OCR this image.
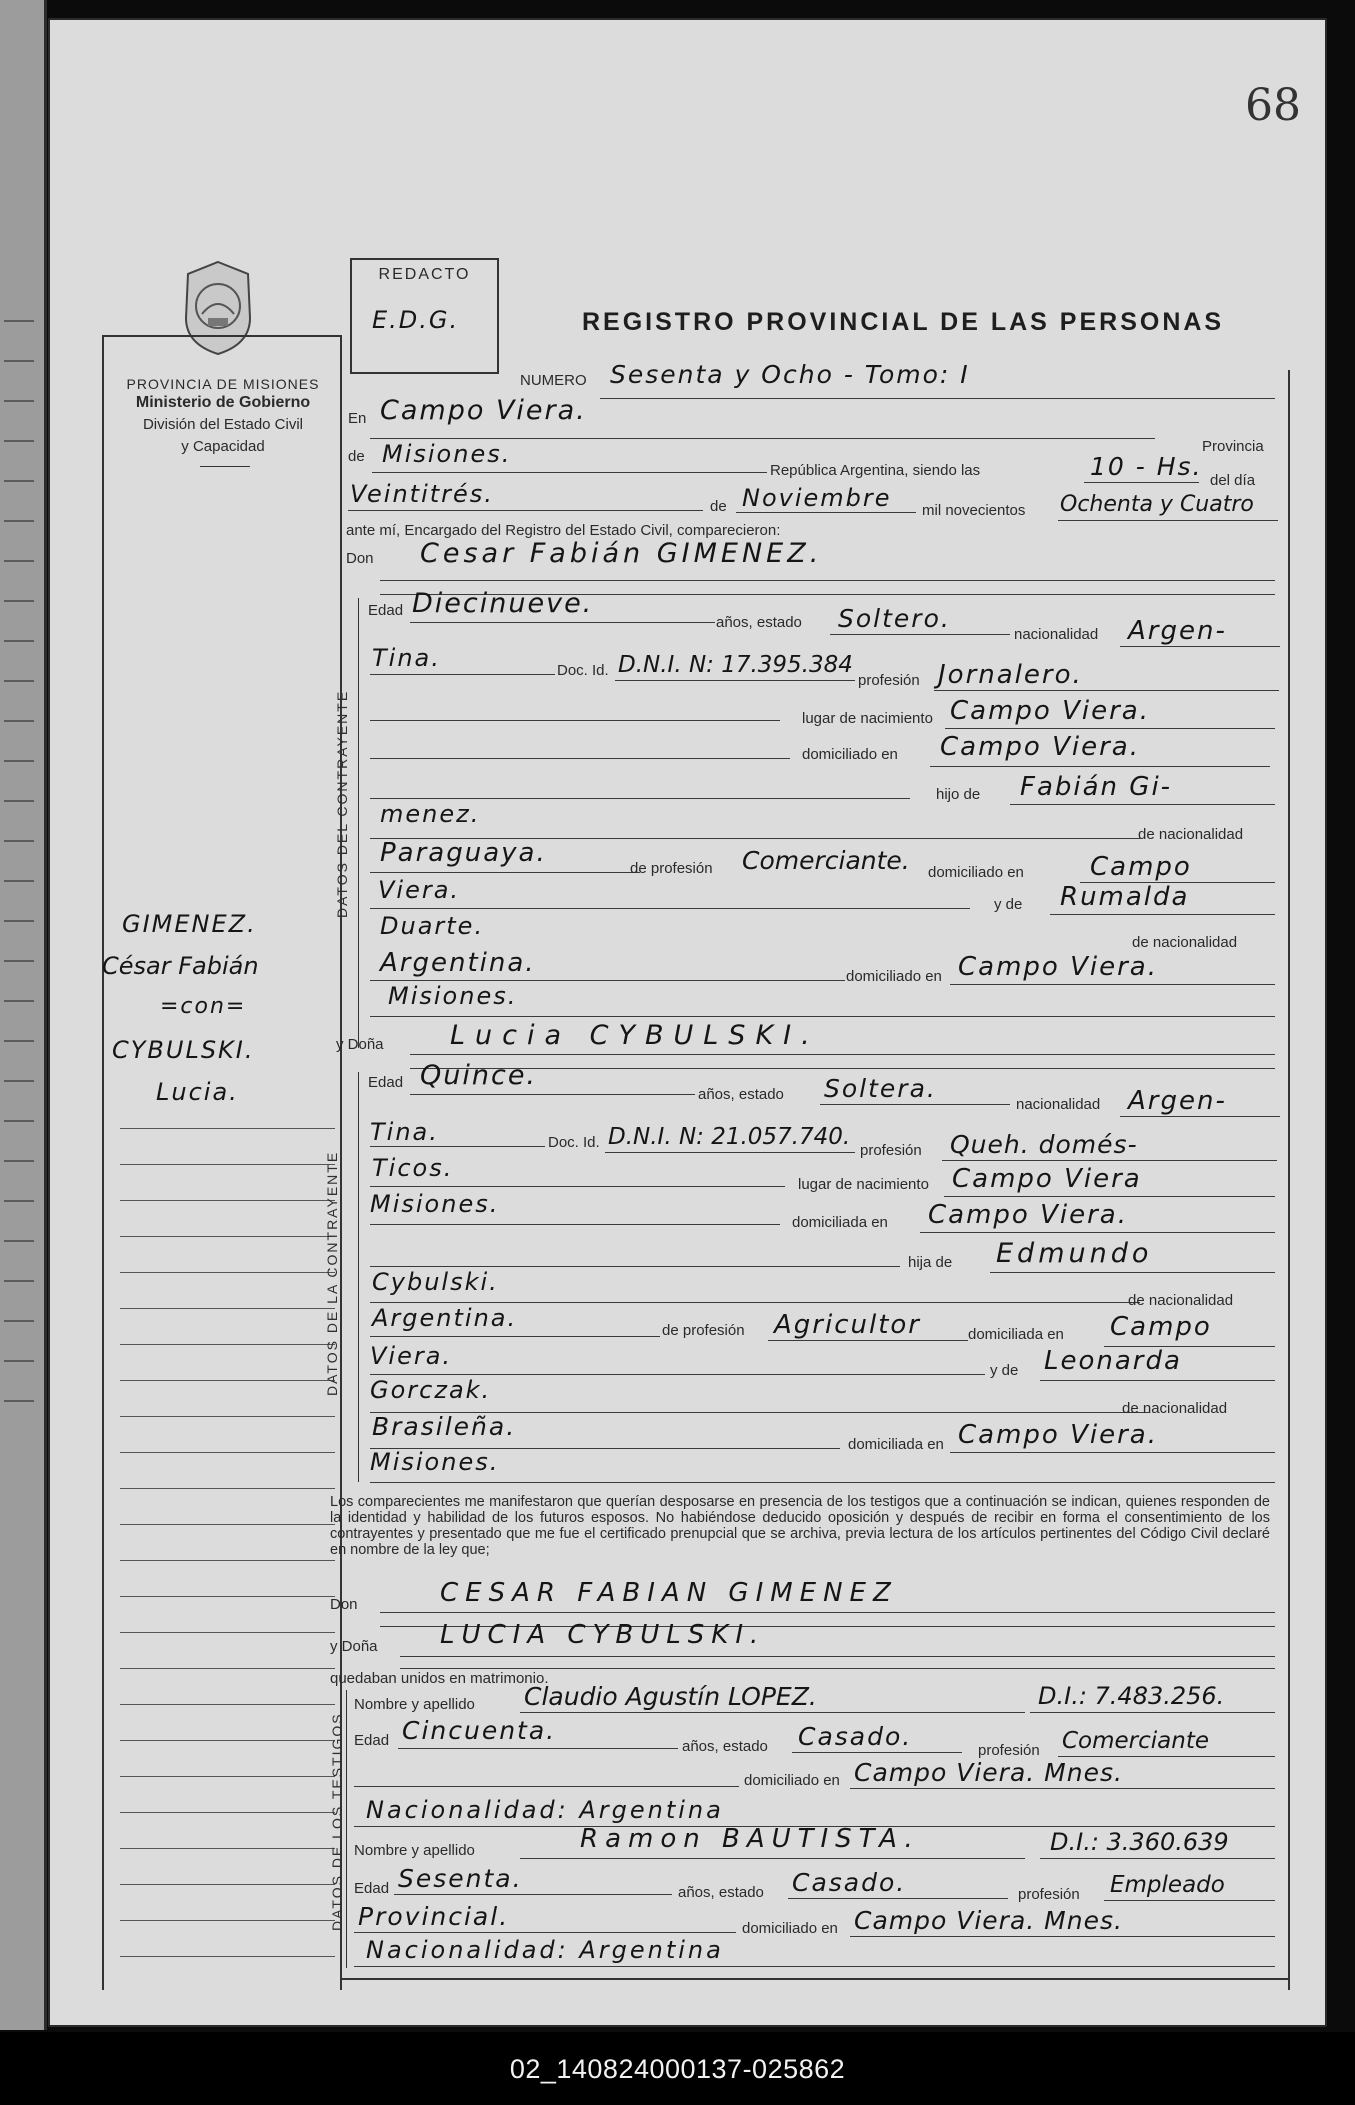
68
PROVINCIA DE MISIONES
Ministerio de Gobierno
División del Estado Civil
y Capacidad
REDACTO
E.D.G.	REGISTRO PROVINCIAL DE LAS PERSONAS
GIMENEZ.
César Fabián
=con=
CYBULSKI.
Lucia.
NUMERO Sesenta y Ocho - Tomo: I
En Campo Viera.
Provincia
de Misiones.
República Argentina, siendo las	10 - Hs. del día
Veintitrés.	de Noviembre mil novecientos Ochenta y Cuatro
ante mí, Encargado del Registro del Estado Civil, comparecieron:
Don Cesar Fabián GIMENEZ.
DATOS DEL CONTRAYENTE
Edad Diecinueve.
años, estado Soltero.
nacionalidad Argen-
Tina.	Doc. Id. D.N.I. N: 17.395.384
profesión Jornalero.
lugar de nacimiento Campo Viera.
domiciliado en Campo Viera.
hijo de Fabián Gi-
menez.
de nacionalidad
Paraguaya.
de profesión Comerciante. domiciliado en	Campo
Viera.
y de Rumalda
Duarte.
de nacionalidad
Argentina.	domiciliado en Campo Viera.
Misiones.
y Doña Lucia CYBULSKI.
DATOS DE LA CONTRAYENTE
Edad Quince.
años, estado Soltera.
nacionalidad Argen-
Tina.	Doc. Id. D.N.I. N: 21.057.740.
profesión Queh. domés-
Ticos.
lugar de nacimiento Campo Viera
Misiones.
domiciliada en Campo Viera.
hija de Edmundo
Cybulski.
de nacionalidad
Argentina.	de profesión Agricultor	domiciliada en Campo
Viera.
y de Leonarda
Gorczak.
de nacionalidad
Brasileña.
domiciliada en Campo Viera.
Misiones.
Los comparecientes me manifestaron que querían desposarse en presencia de los testigos que a continuación se indican, quienes responden de la identidad y habilidad de los futuros esposos. No habiéndose deducido oposición y después de recibir en forma el consentimiento de los contrayentes y presentado que me fue el certificado prenupcial que se archiva, previa lectura de los artículos pertinentes del Código Civil declaré en nombre de la ley que;
Don	CESAR FABIAN GIMENEZ
y Doña LUCIA CYBULSKI.
quedaban unidos en matrimonio.
DATOS DE LOS TESTIGOS
Nombre y apellido Claudio Agustín LOPEZ.	D.I.: 7.483.256.
Edad Cincuenta.
años, estado Casado.	profesión Comerciante
domiciliado en Campo Viera. Mnes.
Nacionalidad: Argentina
Nombre y apellido	Ramon BAUTISTA.	D.I.: 3.360.639
Edad Sesenta.	años, estado Casado.	profesión Empleado
Provincial.	domiciliado en Campo Viera. Mnes.
Nacionalidad: Argentina
02_140824000137-025862
